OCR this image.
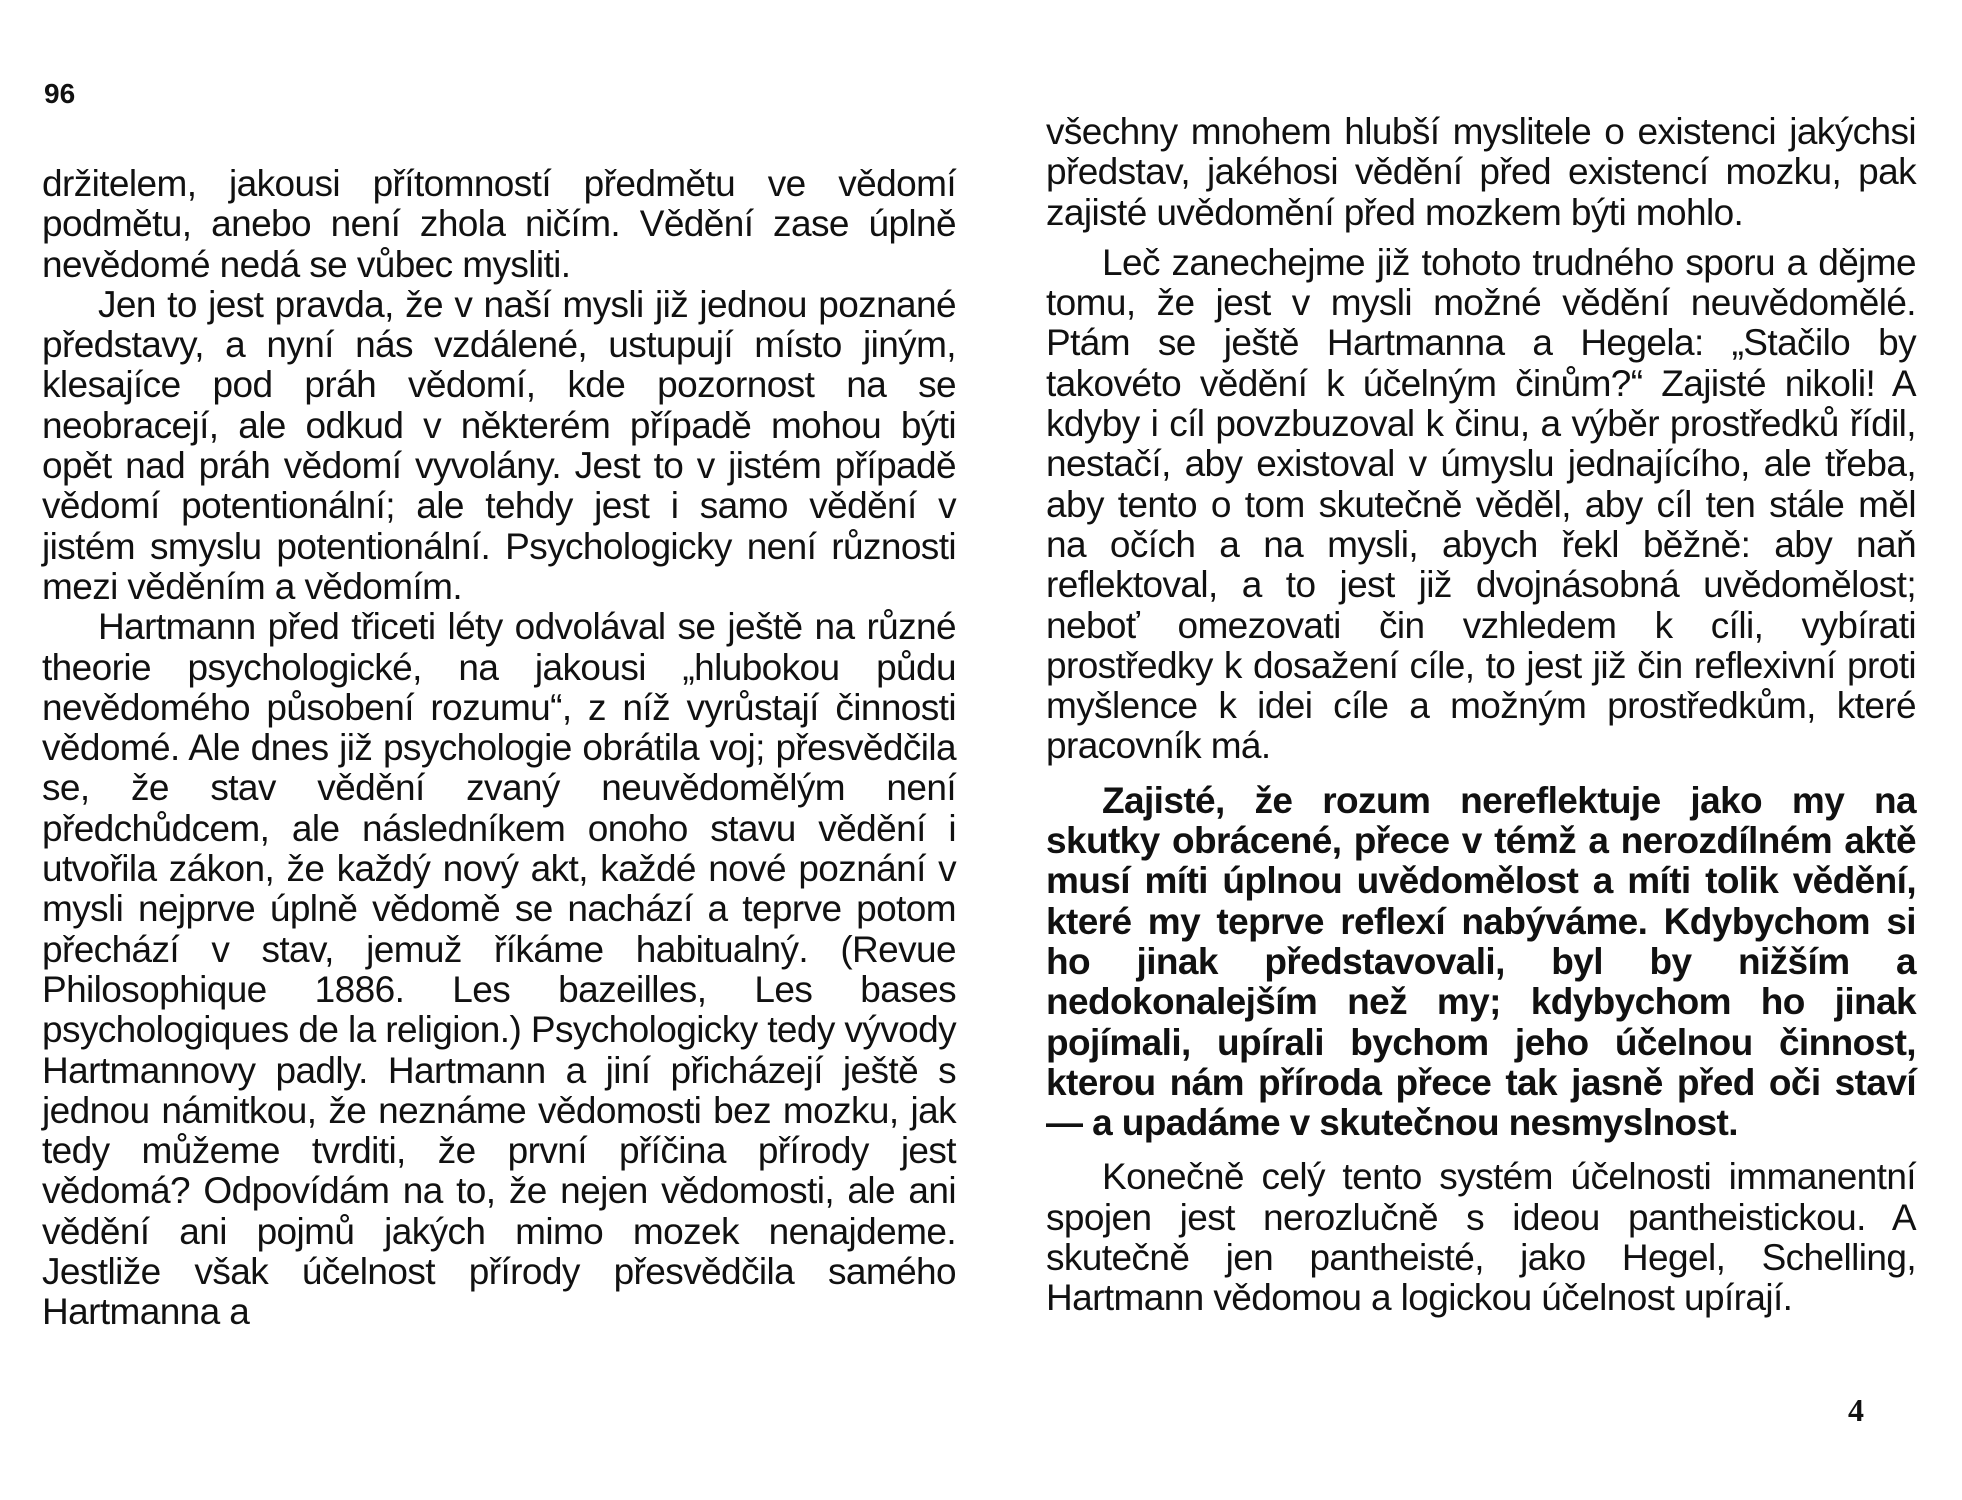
96

držitelem, jakousi přítomností předmětu ve vědomí podmětu, anebo není zhola ničím. Vědění zase úplně nevědomé nedá se vůbec mysliti.

Jen to jest pravda, že v naší mysli již jednou poznané představy, a nyní nás vzdálené, ustupují místo jiným, klesajíce pod práh vědomí, kde pozornost na se neobracejí, ale odkud v některém případě mohou býti opět nad práh vědomí vyvolány. Jest to v jistém případě vědomí potentionální; ale tehdy jest i samo vědění v jistém smyslu potentionální. Psychologicky není různosti mezi věděním a vědomím.

Hartmann před třiceti léty odvolával se ještě na různé theorie psychologické, na jakousi „hlubokou půdu nevědomého působení rozumu“, z níž vyrůstají činnosti vědomé. Ale dnes již psychologie obrátila voj; přesvědčila se, že stav vědění zvaný neuvědomělým není předchůdcem, ale následníkem onoho stavu vědění i utvořila zákon, že každý nový akt, každé nové poznání v mysli nejprve úplně vědomě se nachází a teprve potom přechází v stav, jemuž říkáme habitualný. (Revue Philosophique 1886. Les bazeilles, Les bases psychologiques de la religion.) Psychologicky tedy vývody Hartmannovy padly. Hartmann a jiní přicházejí ještě s jednou námitkou, že neznáme vědomosti bez mozku, jak tedy můžeme tvrditi, že první příčina přírody jest vědomá? Odpovídám na to, že nejen vědomosti, ale ani vědění ani pojmů jakých mimo mozek nenajdeme. Jestliže však účelnost přírody přesvědčila samého Hartmanna a

všechny mnohem hlubší myslitele o existenci jakýchsi představ, jakéhosi vědění před existencí mozku, pak zajisté uvědomění před mozkem býti mohlo.

Leč zanechejme již tohoto trudného sporu a dějme tomu, že jest v mysli možné vědění neuvědomělé. Ptám se ještě Hartmanna a Hegela: „Stačilo by takovéto vědění k účelným činům?“ Zajisté nikoli! A kdyby i cíl povzbuzoval k činu, a výběr prostředků řídil, nestačí, aby existoval v úmyslu jednajícího, ale třeba, aby tento o tom skutečně věděl, aby cíl ten stále měl na očích a na mysli, abych řekl běžně: aby naň reflektoval, a to jest již dvojnásobná uvědomělost; neboť omezovati čin vzhledem k cíli, vybírati prostředky k dosažení cíle, to jest již čin reflexivní proti myšlence k idei cíle a možným prostředkům, které pracovník má.

Zajisté, že rozum nereflektuje jako my na skutky obrácené, přece v témž a nerozdílném aktě musí míti úplnou uvědomělost a míti tolik vědění, které my teprve reflexí nabýváme. Kdybychom si ho jinak představovali, byl by nižším a nedokonalejším než my; kdybychom ho jinak pojímali, upírali bychom jeho účelnou činnost, kterou nám příroda přece tak jasně před oči staví — a upadáme v skutečnou nesmyslnost.

Konečně celý tento systém účelnosti immanentní spojen jest nerozlučně s ideou pantheistickou. A skutečně jen pantheisté, jako Hegel, Schelling, Hartmann vědomou a logickou účelnost upírají.

4
